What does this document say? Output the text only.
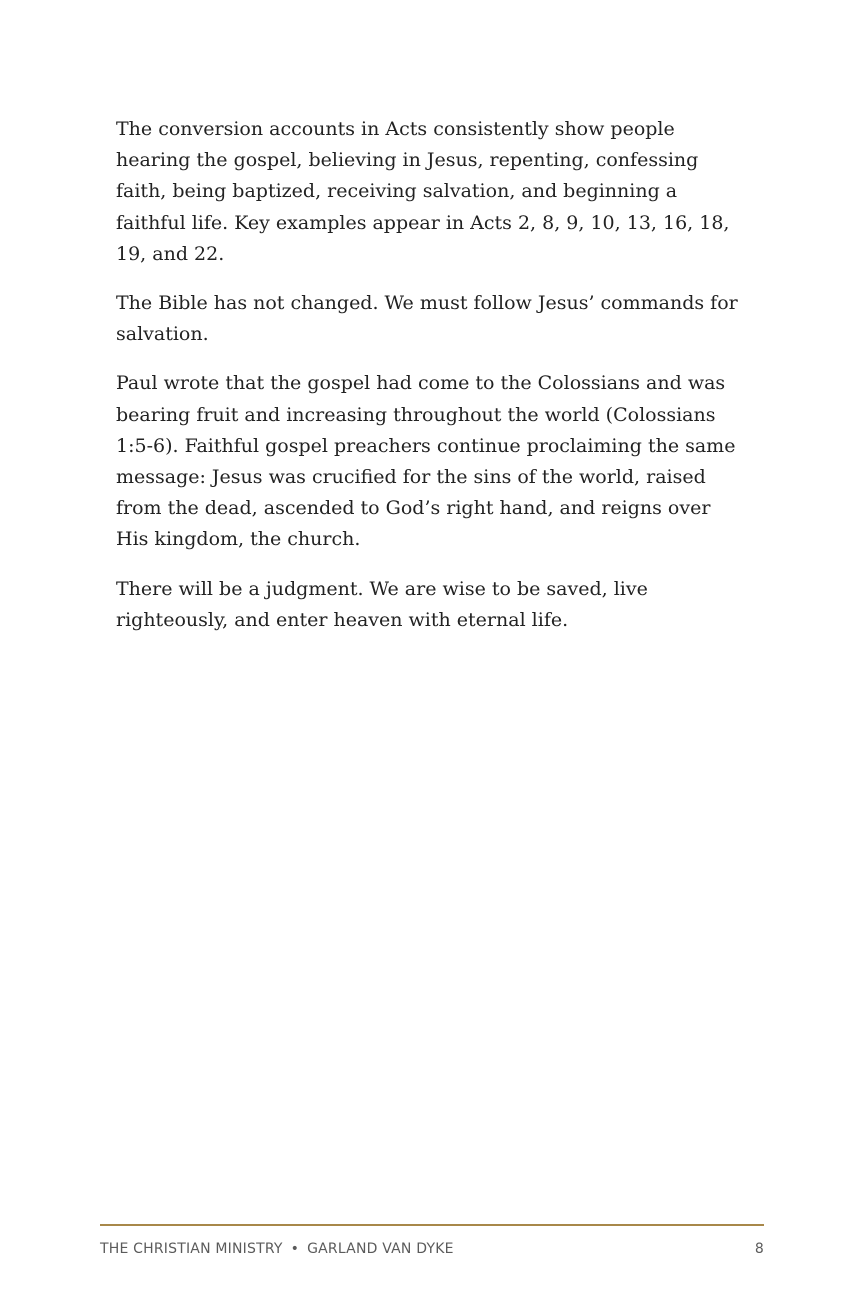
The conversion accounts in Acts consistently show people hearing the gospel, believing in Jesus, repenting, confessing faith, being baptized, receiving salvation, and beginning a faithful life. Key examples appear in Acts 2, 8, 9, 10, 13, 16, 18, 19, and 22.

The Bible has not changed. We must follow Jesus’ commands for salvation.

Paul wrote that the gospel had come to the Colossians and was bearing fruit and increasing throughout the world (Colossians 1:5-6). Faithful gospel preachers continue proclaiming the same message: Jesus was crucified for the sins of the world, raised from the dead, ascended to God’s right hand, and reigns over His kingdom, the church.

There will be a judgment. We are wise to be saved, live righteously, and enter heaven with eternal life.

THE CHRISTIAN MINISTRY • GARLAND VAN DYKE	8
